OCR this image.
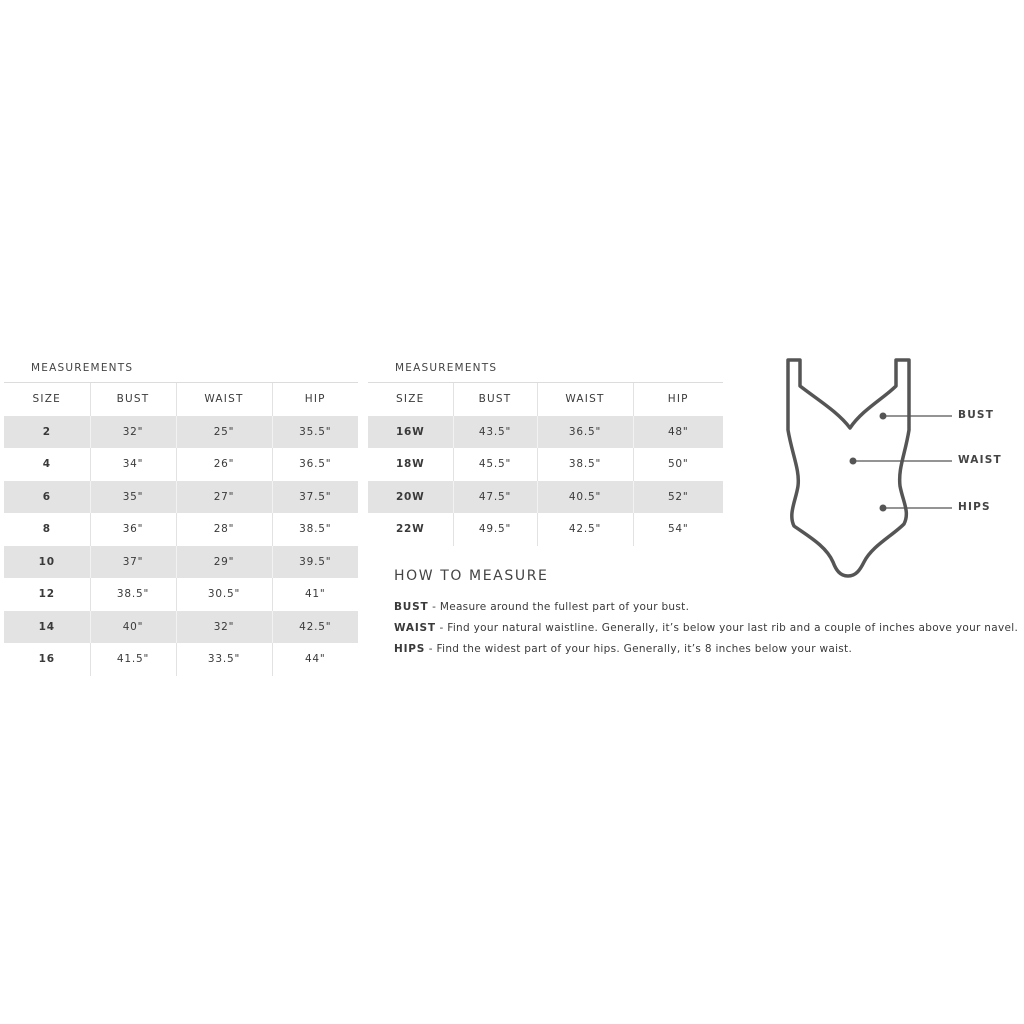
MEASUREMENTS
SIZE	BUST	WAIST	HIP
2	32"	25"	35.5"
4	34"	26"	36.5"
6	35"	27"	37.5"
8	36"	28"	38.5"
10	37"	29"	39.5"
12	38.5"	30.5"	41"
14	40"	32"	42.5"
16	41.5"	33.5"	44"
MEASUREMENTS
SIZE	BUST	WAIST	HIP
16W	43.5"	36.5"	48"
18W	45.5"	38.5"	50"
20W	47.5"	40.5"	52"
22W	49.5"	42.5"	54"
HOW TO MEASURE
BUST - Measure around the fullest part of your bust.
WAIST - Find your natural waistline. Generally, it’s below your last rib and a couple of inches above your navel.
HIPS - Find the widest part of your hips. Generally, it’s 8 inches below your waist.
BUST
WAIST
HIPS
